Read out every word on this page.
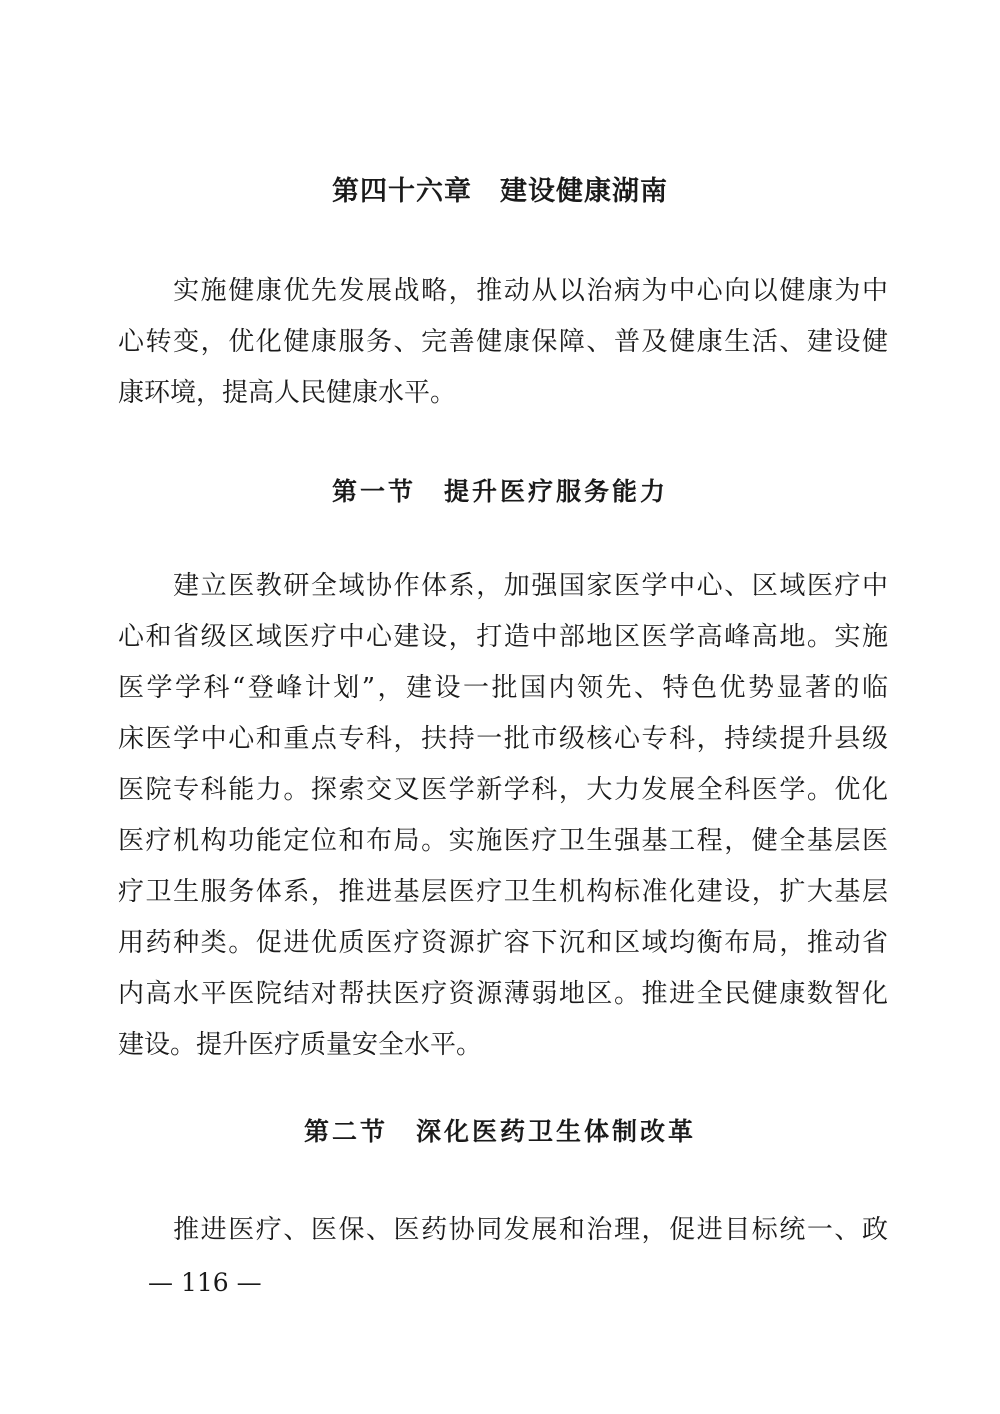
第四十六章　建设健康湖南
　　实施健康优先发展战略，推动从以治病为中心向以健康为中
心转变，优化健康服务、完善健康保障、普及健康生活、建设健
康环境，提高人民健康水平。
第一节　提升医疗服务能力
　　建立医教研全域协作体系，加强国家医学中心、区域医疗中
心和省级区域医疗中心建设，打造中部地区医学高峰高地。实施
医学学科“登峰计划”，建设一批国内领先、特色优势显著的临
床医学中心和重点专科，扶持一批市级核心专科，持续提升县级
医院专科能力。探索交叉医学新学科，大力发展全科医学。优化
医疗机构功能定位和布局。实施医疗卫生强基工程，健全基层医
疗卫生服务体系，推进基层医疗卫生机构标准化建设，扩大基层
用药种类。促进优质医疗资源扩容下沉和区域均衡布局，推动省
内高水平医院结对帮扶医疗资源薄弱地区。推进全民健康数智化
建设。提升医疗质量安全水平。
第二节　深化医药卫生体制改革
　　推进医疗、医保、医药协同发展和治理，促进目标统一、政
— 116 —
